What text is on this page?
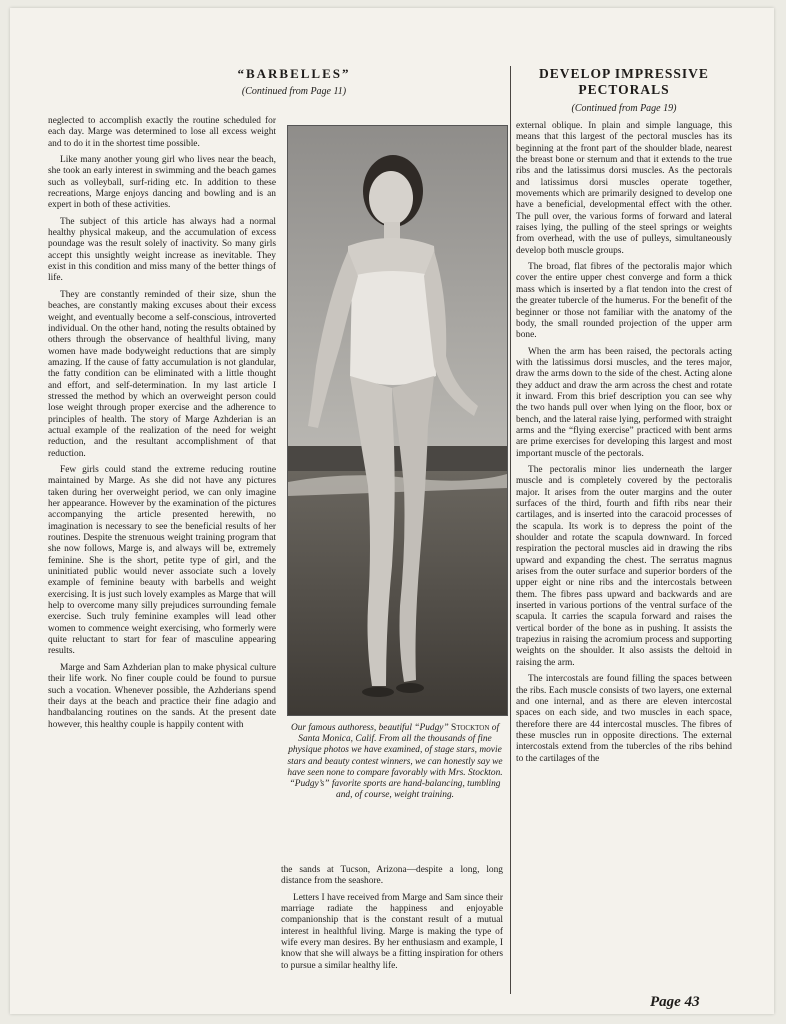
“BARBELLES”
(Continued from Page 11)

neglected to accomplish exactly the routine scheduled for each day. Marge was determined to lose all excess weight and to do it in the shortest time possible.

Like many another young girl who lives near the beach, she took an early interest in swimming and the beach games such as volleyball, surf-riding etc. In addition to these recreations, Marge enjoys dancing and bowling and is an expert in both of these activities.

The subject of this article has always had a normal healthy physical makeup, and the accumulation of excess poundage was the result solely of inactivity. So many girls accept this unsightly weight increase as inevitable. They exist in this condition and miss many of the better things of life.

They are constantly reminded of their size, shun the beaches, are constantly making excuses about their excess weight, and eventually become a self-conscious, introverted individual. On the other hand, noting the results obtained by others through the observance of healthful living, many women have made bodyweight reductions that are simply amazing. If the cause of fatty accumulation is not glandular, the fatty condition can be eliminated with a little thought and effort, and self-determination. In my last article I stressed the method by which an overweight person could lose weight through proper exercise and the adherence to principles of health. The story of Marge Azhderian is an actual example of the realization of the need for weight reduction, and the resultant accomplishment of that reduction.

Few girls could stand the extreme reducing routine maintained by Marge. As she did not have any pictures taken during her overweight period, we can only imagine her appearance. However by the examination of the pictures accompanying the article presented herewith, no imagination is necessary to see the beneficial results of her routines. Despite the strenuous weight training program that she now follows, Marge is, and always will be, extremely feminine. She is the short, petite type of girl, and the uninitiated public would never associate such a lovely example of feminine beauty with barbells and weight exercising. It is just such lovely examples as Marge that will help to overcome many silly prejudices surrounding female exercise. Such truly feminine examples will lead other women to commence weight exercising, who formerly were quite reluctant to start for fear of masculine appearing results.

Marge and Sam Azhderian plan to make physical culture their life work. No finer couple could be found to pursue such a vocation. Whenever possible, the Azhderians spend their days at the beach and practice their fine adagio and handbalancing routines on the sands. At the present date however, this healthy couple is happily content with	Our famous authoress, beautiful “Pudgy” Stockton of Santa Monica, Calif. From all the thousands of fine physique photos we have examined, of stage stars, movie stars and beauty contest winners, we can honestly say we have seen none to compare favorably with Mrs. Stockton. “Pudgy’s” favorite sports are hand-balancing, tumbling and, of course, weight training.

the sands at Tucson, Arizona—despite a long, long distance from the seashore.

Letters I have received from Marge and Sam since their marriage radiate the happiness and enjoyable companionship that is the constant result of a mutual interest in healthful living. Marge is making the type of wife every man desires. By her enthusiasm and example, I know that she will always be a fitting inspiration for others to pursue a similar healthy life.

DEVELOP IMPRESSIVE PECTORALS
(Continued from Page 19)

external oblique. In plain and simple language, this means that this largest of the pectoral muscles has its beginning at the front part of the shoulder blade, nearest the breast bone or sternum and that it extends to the true ribs and the latissimus dorsi muscles. As the pectorals and latissimus dorsi muscles operate together, movements which are primarily designed to develop one have a beneficial, developmental effect with the other. The pull over, the various forms of forward and lateral raises lying, the pulling of the steel springs or weights from overhead, with the use of pulleys, simultaneously develop both muscle groups.

The broad, flat fibres of the pectoralis major which cover the entire upper chest converge and form a thick mass which is inserted by a flat tendon into the crest of the greater tubercle of the humerus. For the benefit of the beginner or those not familiar with the anatomy of the body, the small rounded projection of the upper arm bone.

When the arm has been raised, the pectorals acting with the latissimus dorsi muscles, and the teres major, draw the arms down to the side of the chest. Acting alone they adduct and draw the arm across the chest and rotate it inward. From this brief description you can see why the two hands pull over when lying on the floor, box or bench, and the lateral raise lying, performed with straight arms and the “flying exercise” practiced with bent arms are prime exercises for developing this largest and most important muscle of the pectorals.

The pectoralis minor lies underneath the larger muscle and is completely covered by the pectoralis major. It arises from the outer margins and the outer surfaces of the third, fourth and fifth ribs near their cartilages, and is inserted into the caracoid processes of the scapula. Its work is to depress the point of the shoulder and rotate the scapula downward. In forced respiration the pectoral muscles aid in drawing the ribs upward and expanding the chest. The serratus magnus arises from the outer surface and superior borders of the upper eight or nine ribs and the intercostals between them. The fibres pass upward and backwards and are inserted in various portions of the ventral surface of the scapula. It carries the scapula forward and raises the vertical border of the bone as in pushing. It assists the trapezius in raising the acromium process and supporting weights on the shoulder. It also assists the deltoid in raising the arm.

The intercostals are found filling the spaces between the ribs. Each muscle consists of two layers, one external and one internal, and as there are eleven intercostal spaces on each side, and two muscles in each space, therefore there are 44 intercostal muscles. The fibres of these muscles run in opposite directions. The external intercostals extend from the tubercles of the ribs behind to the cartilages of the

Page 43
